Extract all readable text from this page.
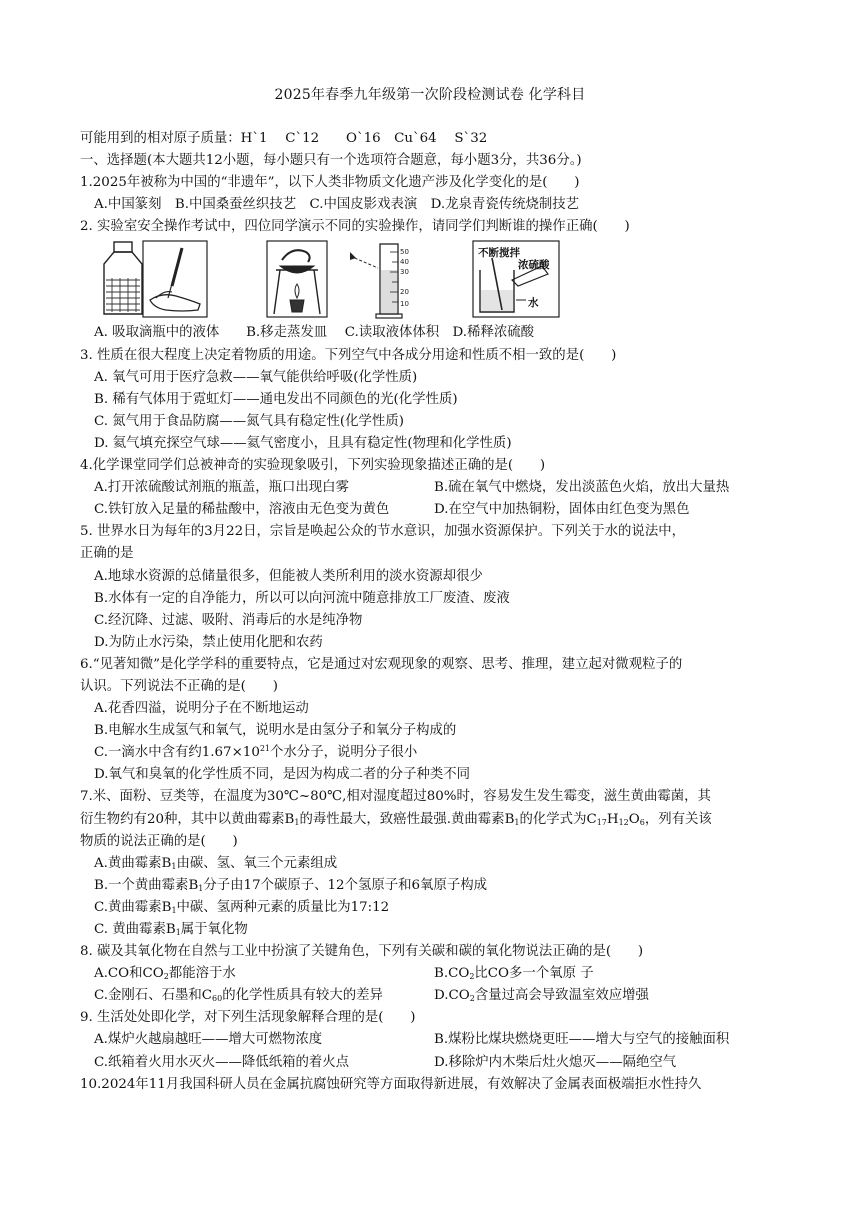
2025年春季九年级第一次阶段检测试卷 化学科目
可能用到的相对原子质量：H`1　 C`12　　O`16　Cu`64　 S`32
一、选择题(本大题共12小题，每小题只有一个选项符合题意，每小题3分，共36分。)
1.2025年被称为中国的“非遗年”，以下人类非物质文化遗产涉及化学变化的是(　　)
A.中国篆刻　B.中国桑蚕丝织技艺　C.中国皮影戏表演　D.龙泉青瓷传统烧制技艺
2. 实验室安全操作考试中，四位同学演示不同的实验操作，请同学们判断谁的操作正确(　　)
50
40
30
20
10
不断搅拌
浓硫酸
水
A. 吸取滴瓶中的液体　　B.移走蒸发皿　 C.读取液体体积　D.稀释浓硫酸
3. 性质在很大程度上决定着物质的用途。下列空气中各成分用途和性质不相一致的是(　　)
A. 氧气可用于医疗急救——氧气能供给呼吸(化学性质)
B. 稀有气体用于霓虹灯——通电发出不同颜色的光(化学性质)
C. 氮气用于食品防腐——氮气具有稳定性(化学性质)
D. 氦气填充探空气球——氦气密度小，且具有稳定性(物理和化学性质)
4.化学课堂同学们总被神奇的实验现象吸引，下列实验现象描述正确的是(　　)
A.打开浓硫酸试剂瓶的瓶盖，瓶口出现白雾	B.硫在氧气中燃烧，发出淡蓝色火焰，放出大量热
C.铁钉放入足量的稀盐酸中，溶液由无色变为黄色	D.在空气中加热铜粉，固体由红色变为黑色
5. 世界水日为每年的3月22日，宗旨是唤起公众的节水意识，加强水资源保护。下列关于水的说法中，
正确的是
A.地球水资源的总储量很多，但能被人类所利用的淡水资源却很少
B.水体有一定的自净能力，所以可以向河流中随意排放工厂废渣、废液
C.经沉降、过滤、吸附、消毒后的水是纯净物
D.为防止水污染，禁止使用化肥和农药
6.“见著知微”是化学学科的重要特点，它是通过对宏观现象的观察、思考、推理，建立起对微观粒子的
认识。下列说法不正确的是(　　)
A.花香四溢，说明分子在不断地运动
B.电解水生成氢气和氧气，说明水是由氢分子和氧分子构成的
C.一滴水中含有约$1.67\times 10^{21}$个水分子，说明分子很小
D.氧气和臭氧的化学性质不同，是因为构成二者的分子种类不同
7.米、面粉、豆类等，在温度为30℃~80℃,相对湿度超过80%时，容易发生发生霉变，滋生黄曲霉菌，其
衍生物约有20种，其中以黄曲霉素$B_1$的毒性最大，致癌性最强.黄曲霉素$B_1$的化学式为$C_{17}H_{12}O_6$，列有关该
物质的说法正确的是(　　)
A.黄曲霉素$B_1$由碳、氢、氧三个元素组成
B.一个黄曲霉素$B_1$分子由17个碳原子、12个氢原子和6氧原子构成
C.黄曲霉素$B_1$中碳、氢两种元素的质量比为17:12
C. 黄曲霉素$B_1$属于氧化物
8. 碳及其氧化物在自然与工业中扮演了关键角色，下列有关碳和碳的氧化物说法正确的是(　　)
A.CO和$CO_2$都能溶于水	$B.CO_2$比CO多一个氧原 子
C.金刚石、石墨和$C_{60}$的化学性质具有较大的差异	$D.CO_2$含量过高会导致温室效应增强
9. 生活处处即化学，对下列生活现象解释合理的是(　　)
A.煤炉火越扇越旺——增大可燃物浓度	B.煤粉比煤块燃烧更旺——增大与空气的接触面积
C.纸箱着火用水灭火——降低纸箱的着火点	D.移除炉内木柴后灶火熄灭——隔绝空气
10.2024年11月我国科研人员在金属抗腐蚀研究等方面取得新进展，有效解决了金属表面极端拒水性持久
